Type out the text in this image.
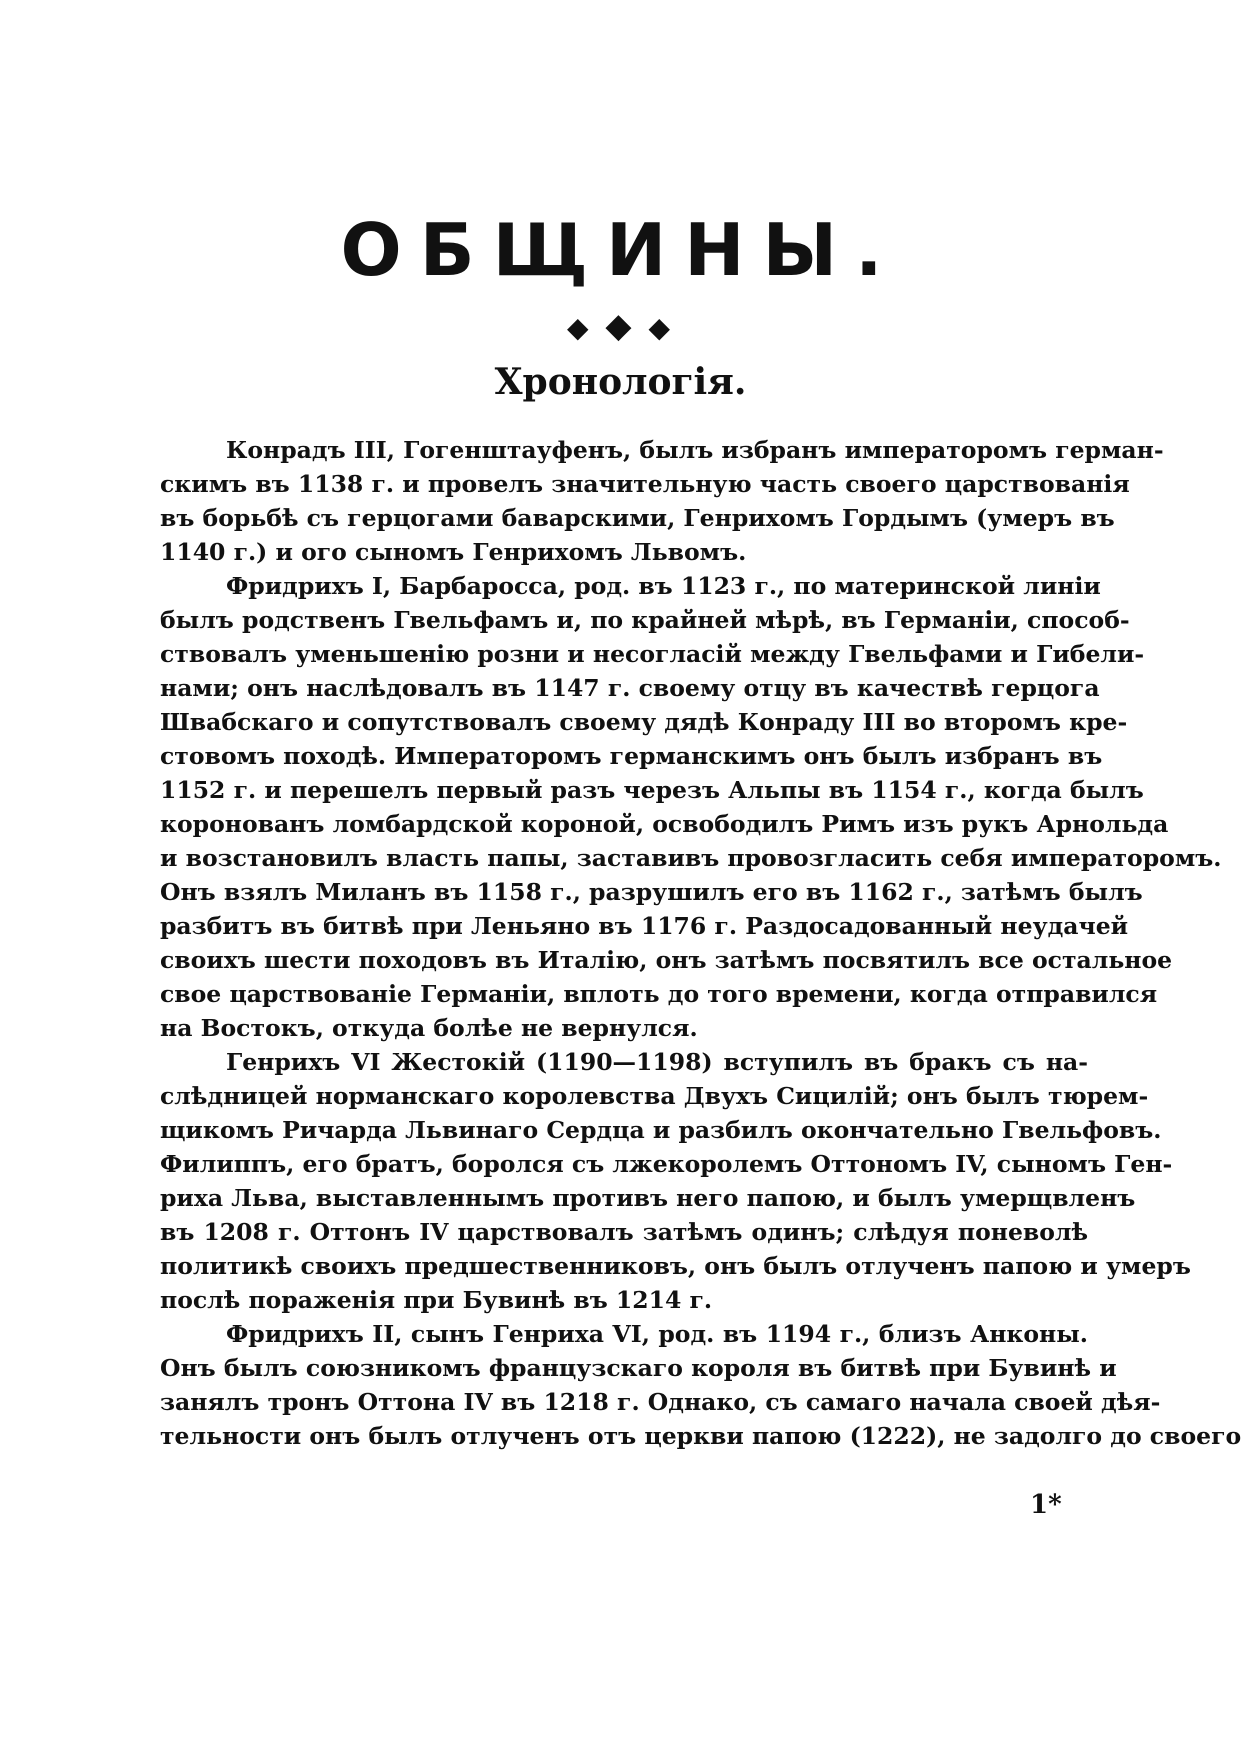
ОБЩИНЫ.
◆ ◆ ◆
Хронологія.
Конрадъ III, Гогенштауфенъ, былъ избранъ императоромъ герман-
скимъ въ 1138 г. и провелъ значительную часть своего царствованія
въ борьбѣ съ герцогами баварскими, Генрихомъ Гордымъ (умеръ въ
1140 г.) и ого сыномъ Генрихомъ Львомъ.
Фридрихъ I, Барбаросса, род. въ 1123 г., по материнской линіи
былъ родственъ Гвельфамъ и, по крайней мѣрѣ, въ Германіи, способ-
ствовалъ уменьшенію розни и несогласій между Гвельфами и Гибели-
нами; онъ наслѣдовалъ въ 1147 г. своему отцу въ качествѣ герцога
Швабскаго и сопутствовалъ своему дядѣ Конраду III во второмъ кре-
стовомъ походѣ. Императоромъ германскимъ онъ былъ избранъ въ
1152 г. и перешелъ первый разъ черезъ Альпы въ 1154 г., когда былъ
коронованъ ломбардской короной, освободилъ Римъ изъ рукъ Арнольда
и возстановилъ власть папы, заставивъ провозгласить себя императоромъ.
Онъ взялъ Миланъ въ 1158 г., разрушилъ его въ 1162 г., затѣмъ былъ
разбитъ въ битвѣ при Леньяно въ 1176 г. Раздосадованный неудачей
своихъ шести походовъ въ Италію, онъ затѣмъ посвятилъ все остальное
свое царствованіе Германіи, вплоть до того времени, когда отправился
на Востокъ, откуда болѣе не вернулся.
Генрихъ VI Жестокій (1190—1198) вступилъ въ бракъ съ на-
слѣдницей норманскаго королевства Двухъ Сицилій; онъ былъ тюрем-
щикомъ Ричарда Львинаго Сердца и разбилъ окончательно Гвельфовъ.
Филиппъ, его братъ, боролся съ лжекоролемъ Оттономъ IV, сыномъ Ген-
риха Льва, выставленнымъ противъ него папою, и былъ умерщвленъ
въ 1208 г. Оттонъ IV царствовалъ затѣмъ одинъ; слѣдуя поневолѣ
политикѣ своихъ предшественниковъ, онъ былъ отлученъ папою и умеръ
послѣ пораженія при Бувинѣ въ 1214 г.
Фридрихъ II, сынъ Генриха VI, род. въ 1194 г., близъ Анконы.
Онъ былъ союзникомъ французскаго короля въ битвѣ при Бувинѣ и
занялъ тронъ Оттона IV въ 1218 г. Однако, съ самаго начала своей дѣя-
тельности онъ былъ отлученъ отъ церкви папою (1222), не задолго до своего
1*
